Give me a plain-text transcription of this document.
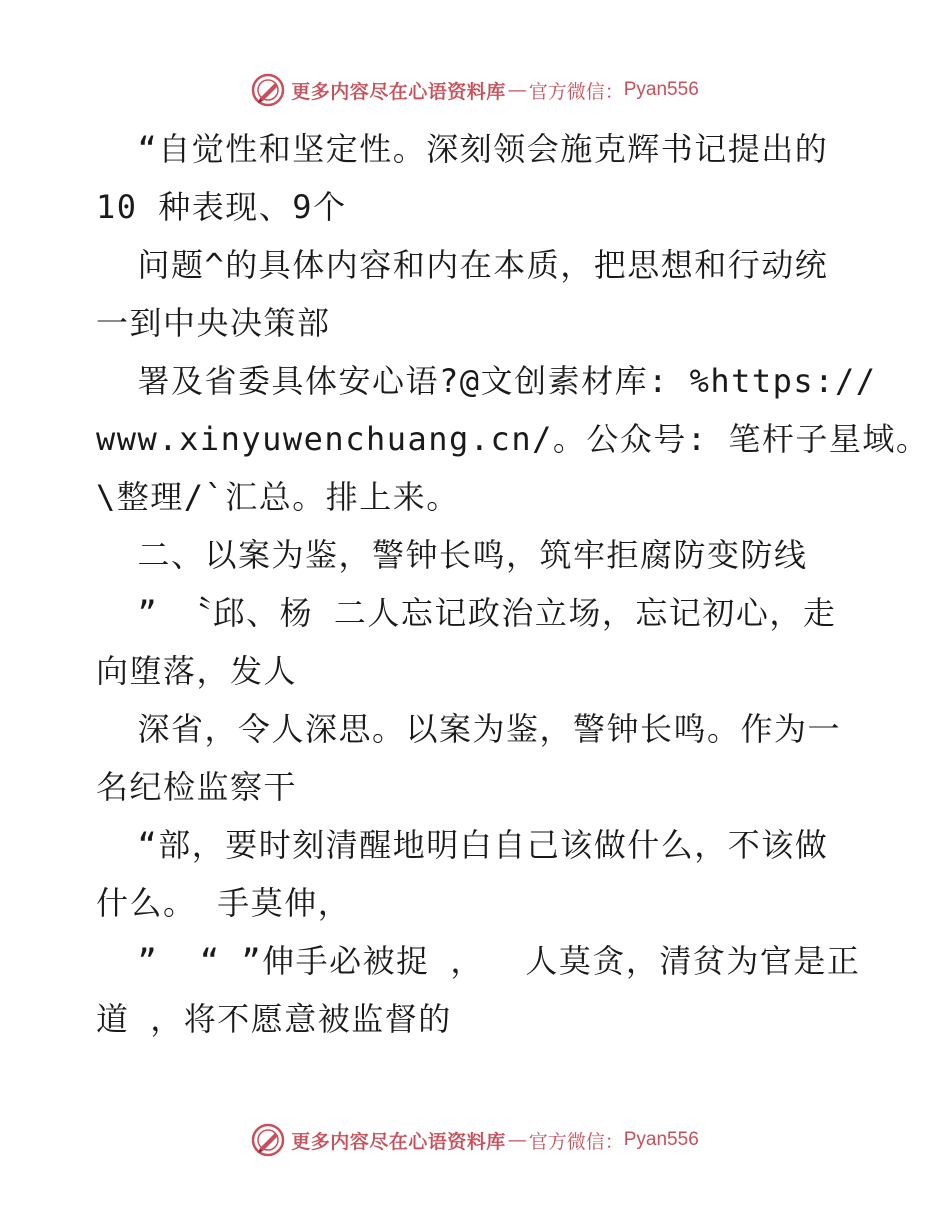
更多内容尽在心语资料库 — 官方微信： Pyan556
“自觉性和坚定性。深刻领会施克辉书记提出的
10 种表现、9个
问题^的具体内容和内在本质，把思想和行动统
一到中央决策部
署及省委具体安心语?@文创素材库: %https://
www.xinyuwenchuang.cn/。公众号: 笔杆子星域。
\整理/`汇总。排上来。
二、以案为鉴，警钟长鸣，筑牢拒腐防变防线
” 〝邱、杨 二人忘记政治立场，忘记初心，走
向堕落，发人
深省，令人深思。以案为鉴，警钟长鸣。作为一
名纪检监察干
“部，要时刻清醒地明白自己该做什么，不该做
什么。 手莫伸，
”  “ ”伸手必被捉 ，  人莫贪，清贫为官是正
道 ，将不愿意被监督的
更多内容尽在心语资料库 — 官方微信： Pyan556
